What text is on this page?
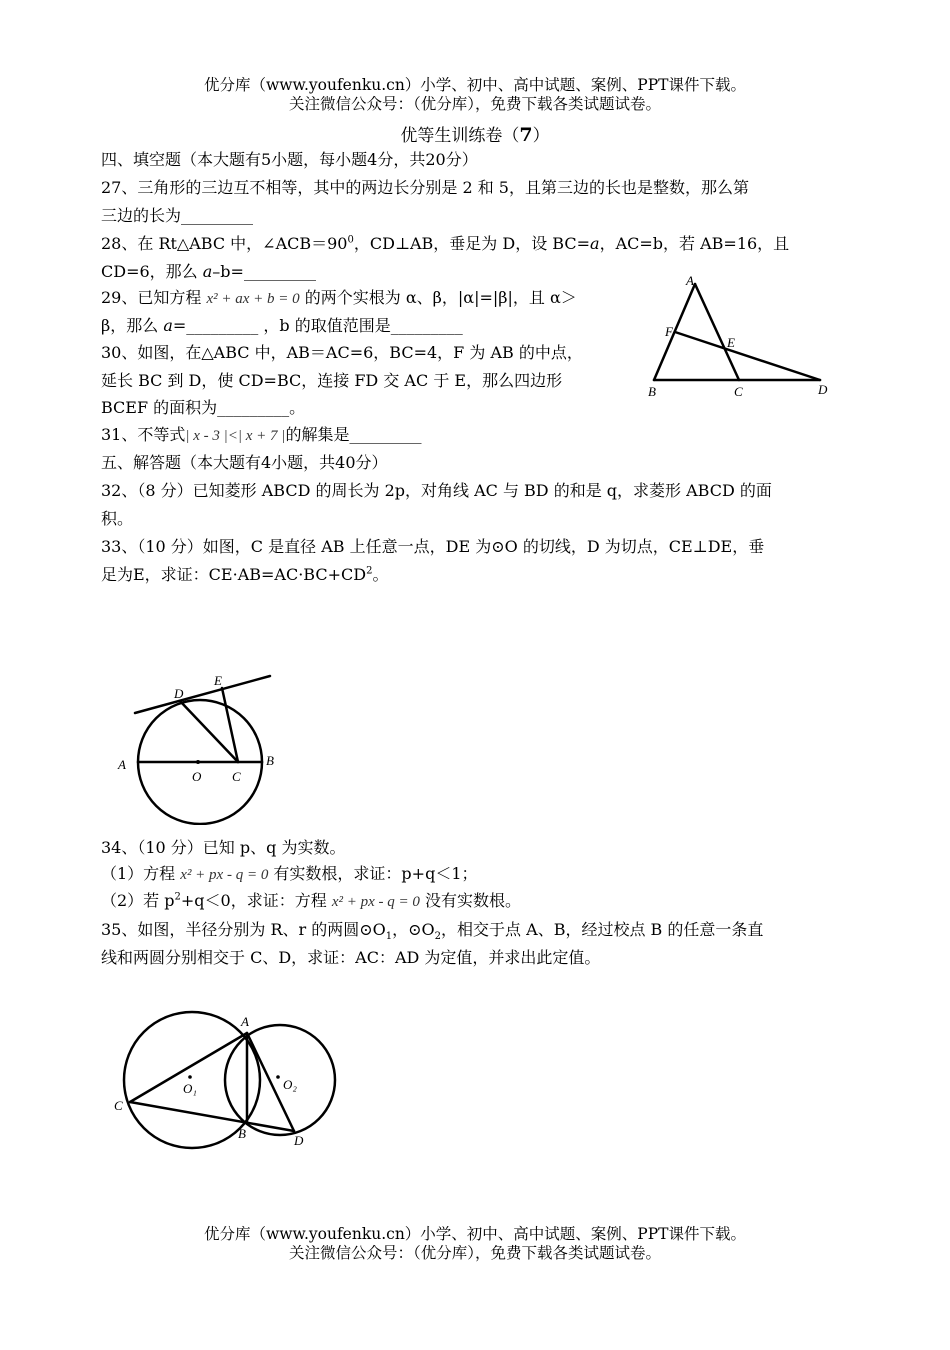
优分库（www.youfenku.cn）小学、初中、高中试题、案例、PPT课件下载。
关注微信公众号：（优分库），免费下载各类试题试卷。
优等生训练卷（7）
四、填空题（本大题有5小题，每小题4分，共20分）
27、三角形的三边互不相等，其中的两边长分别是 2 和 5，且第三边的长也是整数，那么第
三边的长为_________
28、在 Rt△ABC 中，$\angle ACB=90^0$，CD⊥AB，垂足为 D，设 BC=a，AC=b，若 AB=16，且
CD=6，那么 a–b=_________
29、已知方程 x² + ax + b = 0 的两个实根为 α、β，|α|=|β|，且 α＞
β，那么 a=_________ ，b 的取值范围是_________
30、如图，在△ABC 中，AB＝AC=6，BC=4，F 为 AB 的中点，
延长 BC 到 D，使 CD=BC，连接 FD 交 AC 于 E，那么四边形
BCEF 的面积为_________。
A
F
E
B	C	D
31、不等式| x - 3 |<| x + 7 |的解集是_________
五、解答题（本大题有4小题，共40分）
32、（8 分）已知菱形 ABCD 的周长为 2p，对角线 AC 与 BD 的和是 q，求菱形 ABCD 的面
积。
33、（10 分）如图，C 是直径 AB 上任意一点，DE 为⊙O 的切线，D 为切点，CE⊥DE，垂
足为E，求证：$CE\cdot AB=AC\cdot BC+CD^2$。
D
E
A
O C
B
34、（10 分）已知 p、q 为实数。
（1）方程 x² + px - q = 0 有实数根，求证：p+q＜1；
（2）若 $p^2+q<0$，求证：方程 x² + px - q = 0 没有实数根。
35、如图，半径分别为 R、r 的两圆$⊙O_1$，$⊙O_2$，相交于点 A、B，经过校点 B 的任意一条直
线和两圆分别相交于 C、D，求证：AC：AD 为定值，并求出此定值。
A
O₁	O₂
C
B	D
优分库（www.youfenku.cn）小学、初中、高中试题、案例、PPT课件下载。
关注微信公众号：（优分库），免费下载各类试题试卷。
